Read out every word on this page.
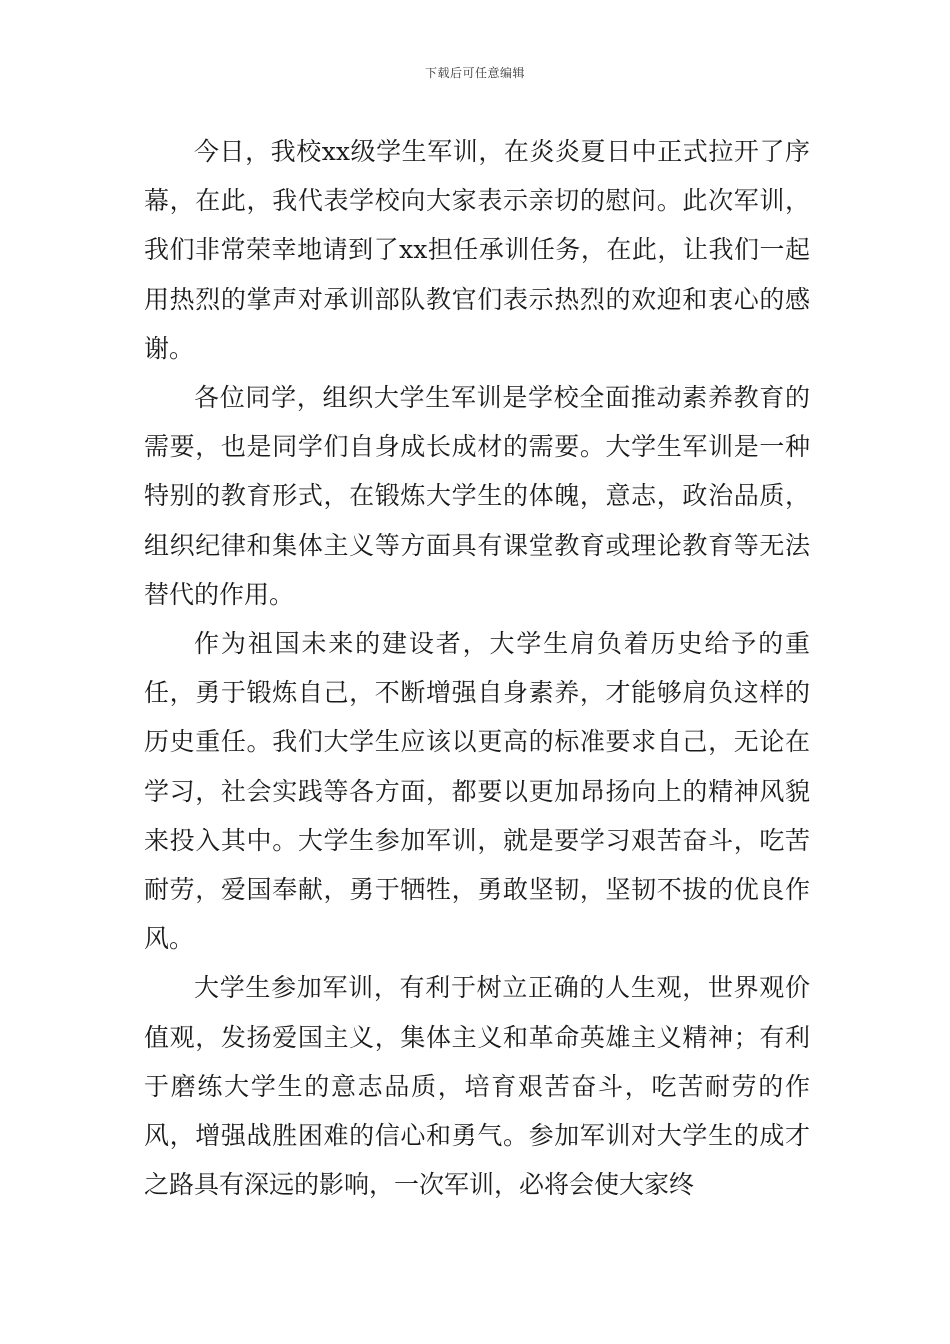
下载后可任意编辑

今日，我校xx级学生军训，在炎炎夏日中正式拉开了序幕，在此，我代表学校向大家表示亲切的慰问。此次军训，我们非常荣幸地请到了xx担任承训任务，在此，让我们一起用热烈的掌声对承训部队教官们表示热烈的欢迎和衷心的感谢。

各位同学，组织大学生军训是学校全面推动素养教育的需要，也是同学们自身成长成材的需要。大学生军训是一种特别的教育形式，在锻炼大学生的体魄，意志，政治品质，组织纪律和集体主义等方面具有课堂教育或理论教育等无法替代的作用。

作为祖国未来的建设者，大学生肩负着历史给予的重任，勇于锻炼自己，不断增强自身素养，才能够肩负这样的历史重任。我们大学生应该以更高的标准要求自己，无论在学习，社会实践等各方面，都要以更加昂扬向上的精神风貌来投入其中。大学生参加军训，就是要学习艰苦奋斗，吃苦耐劳，爱国奉献，勇于牺牲，勇敢坚韧，坚韧不拔的优良作风。

大学生参加军训，有利于树立正确的人生观，世界观价值观，发扬爱国主义，集体主义和革命英雄主义精神；有利于磨练大学生的意志品质，培育艰苦奋斗，吃苦耐劳的作风，增强战胜困难的信心和勇气。参加军训对大学生的成才之路具有深远的影响，一次军训，必将会使大家终
